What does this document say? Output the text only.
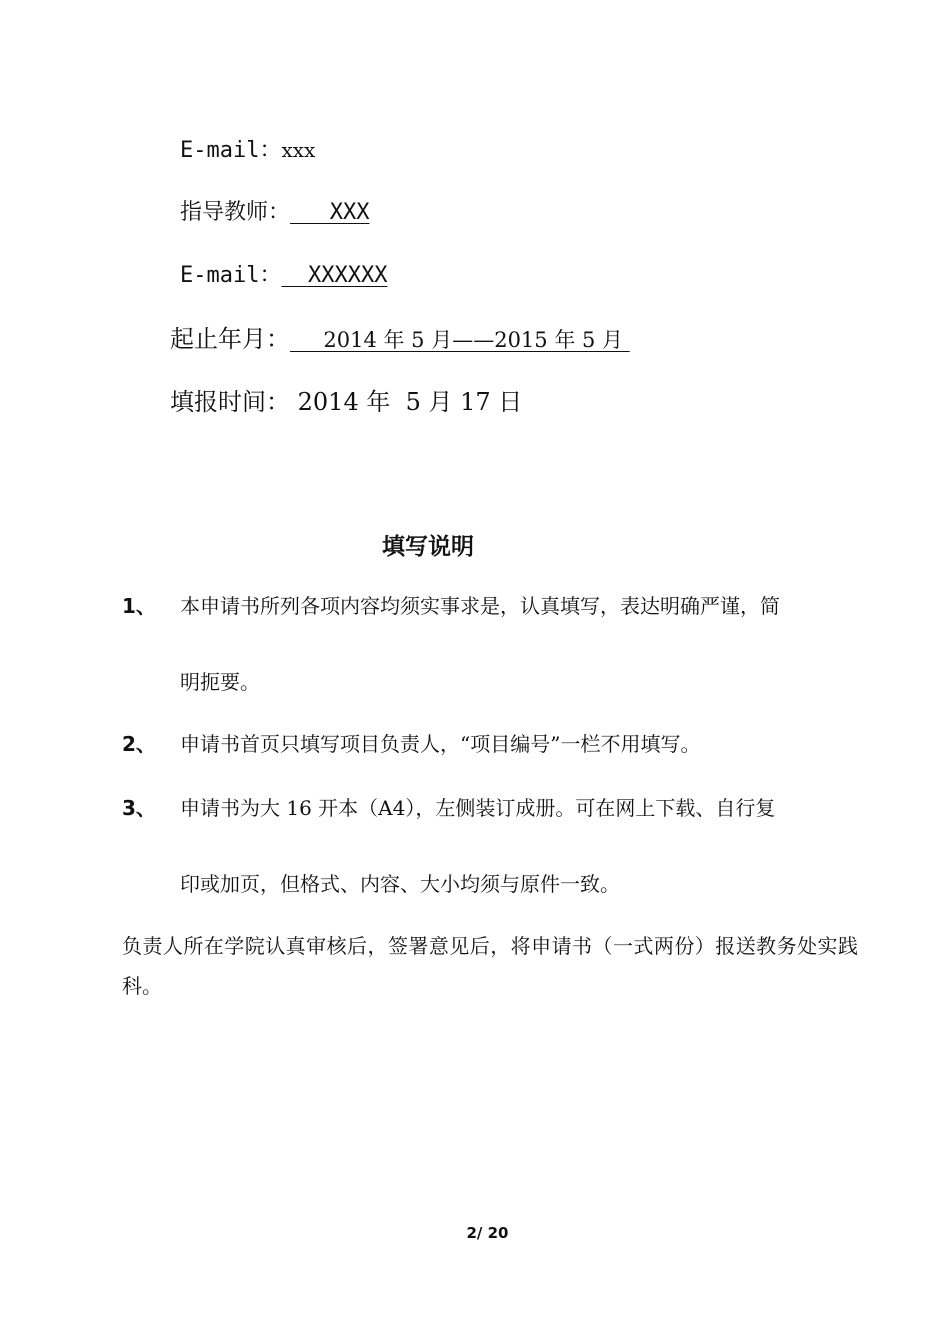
E-mail：xxx
指导教师：   XXX
E-mail：  XXXXXX
起止年月：     2014 年 5 月——2015 年 5 月
填报时间： 2014 年  5 月 17 日
填写说明
1、 本申请书所列各项内容均须实事求是，认真填写，表达明确严谨，简
明扼要。
2、 申请书首页只填写项目负责人，“项目编号”一栏不用填写。
3、 申请书为大 16 开本（A4），左侧装订成册。可在网上下载、自行复
印或加页，但格式、内容、大小均须与原件一致。
负责人所在学院认真审核后，签署意见后，将申请书（一式两份）报送教务处实践科。
2/ 20
